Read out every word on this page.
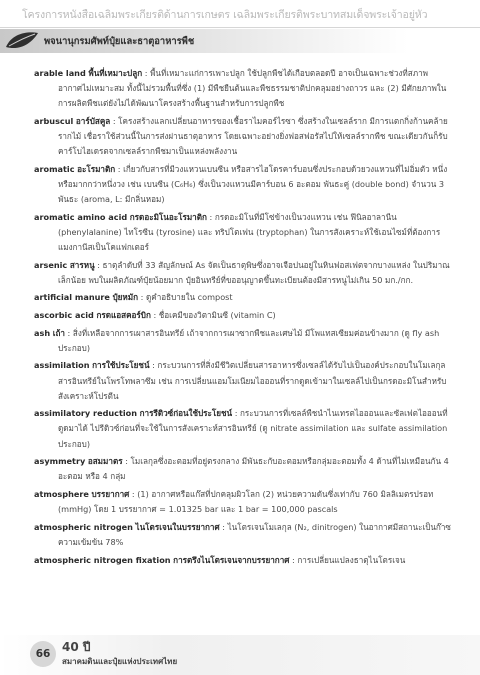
โครงการหนังสือเฉลิมพระเกียรติด้านการเกษตร เฉลิมพระเกียรติพระบาทสมเด็จพระเจ้าอยู่หัว
พจนานุกรมศัพท์ปุ๋ยและธาตุอาหารพืช
arable land พื้นที่เหมาะปลูก : พื้นที่เหมาะแก่การเพาะปลูก ใช้ปลูกพืชได้เกือบตลอดปี อาจเป็นเฉพาะช่วงที่สภาพอากาศไม่เหมาะสม ทั้งนี้ไม่รวมพื้นที่ซึ่ง (1) มีพืชยืนต้นและพืชธรรมชาติปกคลุมอย่างถาวร และ (2) มีศักยภาพในการผลิตพืชแต่ยังไม่ได้พัฒนาโครงสร้างพื้นฐานสำหรับการปลูกพืช
arbuscul อาร์บัสคูล : โครงสร้างแลกเปลี่ยนอาหารของเชื้อราไมคอร์ไรซา ซึ่งสร้างในเซลล์ราก มีการแตกกิ่งก้านคล้ายรากไม้ เชื่อราใช้ส่วนนี้ในการส่งผ่านธาตุอาหาร โดยเฉพาะอย่างยิ่งฟอสฟอรัสไปให้เซลล์รากพืช ขณะเดียวกันก็รับคาร์โบไฮเดรตจากเซลล์รากพืชมาเป็นแหล่งพลังงาน
aromatic อะโรมาติก : เกี่ยวกับสารที่มีวงแหวนเบนซีน หรือสารไฮโดรคาร์บอนซึ่งประกอบด้วยวงแหวนที่ไม่อิ่มตัว หนึ่งหรือมากกว่าหนึ่งวง เช่น เบนซีน (C₆H₆) ซึ่งเป็นวงแหวนมีคาร์บอน 6 อะตอม พันธะคู่ (double bond) จำนวน 3 พันธะ (aroma, L: มีกลิ่นหอม)
aromatic amino acid กรดอะมิโนอะโรมาติก : กรดอะมิโนที่มีโซ่ข้างเป็นวงแหวน เช่น ฟีนิลอาลานีน (phenylalanine) ไทโรซีน (tyrosine) และ ทริปโตเฟน (tryptophan) ในการสังเคราะห์ใช้เอนไซม์ที่ต้องการแมงกานีสเป็นโคแฟกเตอร์
arsenic สารหนู : ธาตุลำดับที่ 33 สัญลักษณ์ As จัดเป็นธาตุพิษซึ่งอาจเจือปนอยู่ในหินฟอสเฟตจากบางแหล่ง ในปริมาณเล็กน้อย พบในผลิตภัณฑ์ปุ๋ยน้อยมาก ปุ๋ยอินทรีย์ที่ขออนุญาตขึ้นทะเบียนต้องมีสารหนูไม่เกิน 50 มก./กก.
artificial manure ปุ๋ยหมัก : ดูคำอธิบายใน compost
ascorbic acid กรดแอสคอร์บิก : ชื่อเคมีของวิตามินซี (vitamin C)
ash เถ้า : สิ่งที่เหลือจากการเผาสารอินทรีย์ เถ้าจากการเผาซากพืชและเศษไม้ มีโพแทสเซียมค่อนข้างมาก (ดู fly ash ประกอบ)
assimilation การใช้ประโยชน์ : กระบวนการที่สิ่งมีชีวิตเปลี่ยนสารอาหารซึ่งเซลล์ได้รับไปเป็นองค์ประกอบในโมเลกุลสารอินทรีย์ในโพรโทพลาซึม เช่น การเปลี่ยนแอมโมเนียมไอออนที่รากดูดเข้ามาในเซลล์ไปเป็นกรดอะมิโนสำหรับสังเคราะห์โปรตีน
assimilatory reduction การรีดิวซ์ก่อนใช้ประโยชน์ : กระบวนการที่เซลล์พืชนำไนเทรตไอออนและซัลเฟตไอออนที่ดูดมาได้ ไปรีดิวซ์ก่อนที่จะใช้ในการสังเคราะห์สารอินทรีย์ (ดู nitrate assimilation และ sulfate assimilation ประกอบ)
asymmetry อสมมาตร : โมเลกุลซึ่งอะตอมที่อยู่ตรงกลาง มีพันธะกับอะตอมหรือกลุ่มอะตอมทั้ง 4 ด้านที่ไม่เหมือนกัน 4 อะตอม หรือ 4 กลุ่ม
atmosphere บรรยากาศ : (1) อากาศหรือแก๊สที่ปกคลุมผิวโลก (2) หน่วยความดันซึ่งเท่ากับ 760 มิลลิเมตรปรอท (mmHg) โดย 1 บรรยากาศ = 1.01325 bar และ 1 bar = 100,000 pascals
atmospheric nitrogen ไนโตรเจนในบรรยากาศ : ไนโตรเจนโมเลกุล (N₂, dinitrogen) ในอากาศมีสถานะเป็นก๊าซ ความเข้มข้น 78%
atmospheric nitrogen fixation การตรึงไนโตรเจนจากบรรยากาศ : การเปลี่ยนแปลงธาตุไนโตรเจน
66 40 ปี
สมาคมดินและปุ๋ยแห่งประเทศไทย
